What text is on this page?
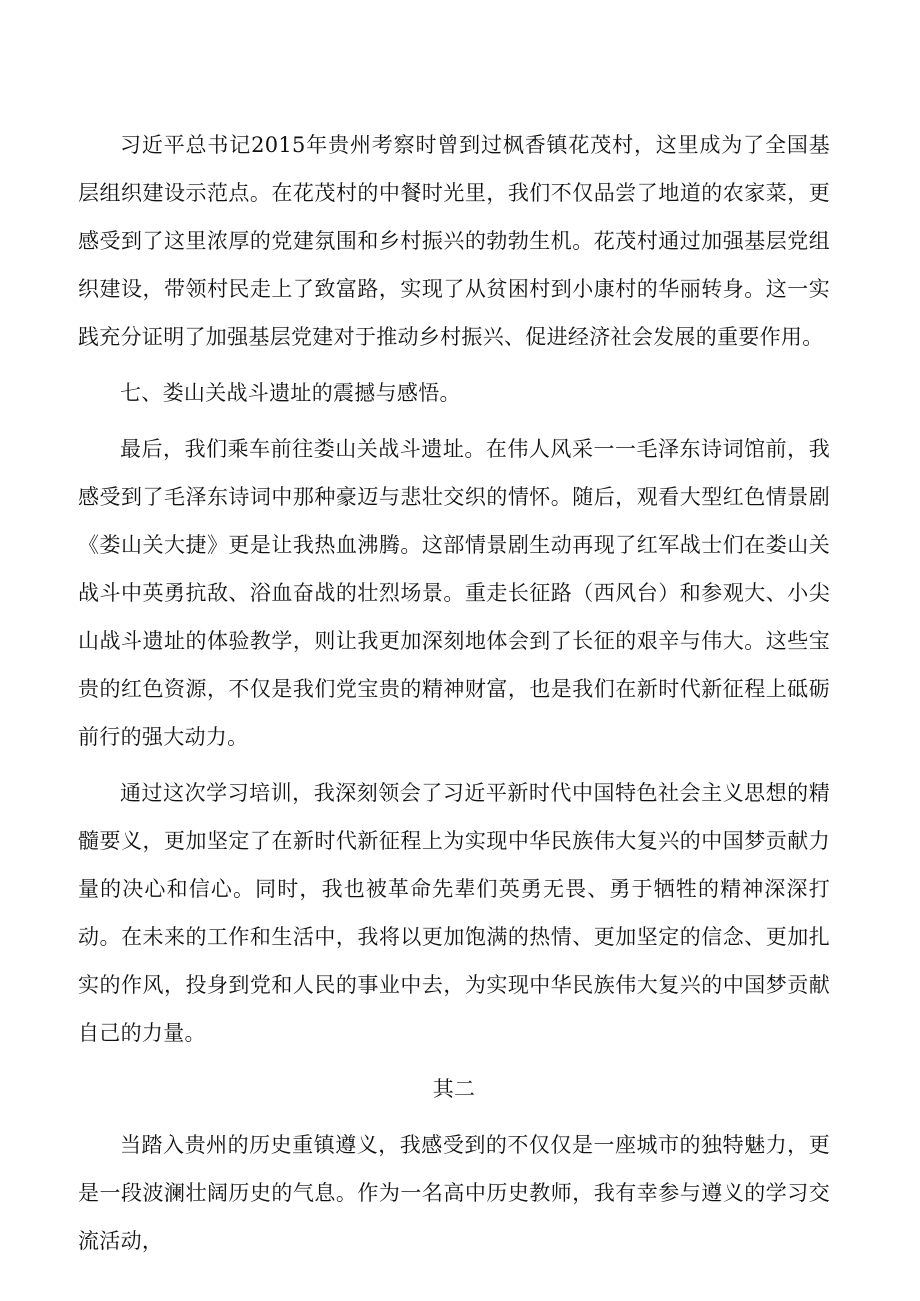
习近平总书记2015年贵州考察时曾到过枫香镇花茂村，这里成为了全国基层组织建设示范点。在花茂村的中餐时光里，我们不仅品尝了地道的农家菜，更感受到了这里浓厚的党建氛围和乡村振兴的勃勃生机。花茂村通过加强基层党组织建设，带领村民走上了致富路，实现了从贫困村到小康村的华丽转身。这一实践充分证明了加强基层党建对于推动乡村振兴、促进经济社会发展的重要作用。

七、娄山关战斗遗址的震撼与感悟。

最后，我们乘车前往娄山关战斗遗址。在伟人风采一一毛泽东诗词馆前，我感受到了毛泽东诗词中那种豪迈与悲壮交织的情怀。随后，观看大型红色情景剧《娄山关大捷》更是让我热血沸腾。这部情景剧生动再现了红军战士们在娄山关战斗中英勇抗敌、浴血奋战的壮烈场景。重走长征路（西风台）和参观大、小尖山战斗遗址的体验教学，则让我更加深刻地体会到了长征的艰辛与伟大。这些宝贵的红色资源，不仅是我们党宝贵的精神财富，也是我们在新时代新征程上砥砺前行的强大动力。

通过这次学习培训，我深刻领会了习近平新时代中国特色社会主义思想的精髓要义，更加坚定了在新时代新征程上为实现中华民族伟大复兴的中国梦贡献力量的决心和信心。同时，我也被革命先辈们英勇无畏、勇于牺牲的精神深深打动。在未来的工作和生活中，我将以更加饱满的热情、更加坚定的信念、更加扎实的作风，投身到党和人民的事业中去，为实现中华民族伟大复兴的中国梦贡献自己的力量。

其二

当踏入贵州的历史重镇遵义，我感受到的不仅仅是一座城市的独特魅力，更是一段波澜壮阔历史的气息。作为一名高中历史教师，我有幸参与遵义的学习交流活动，
